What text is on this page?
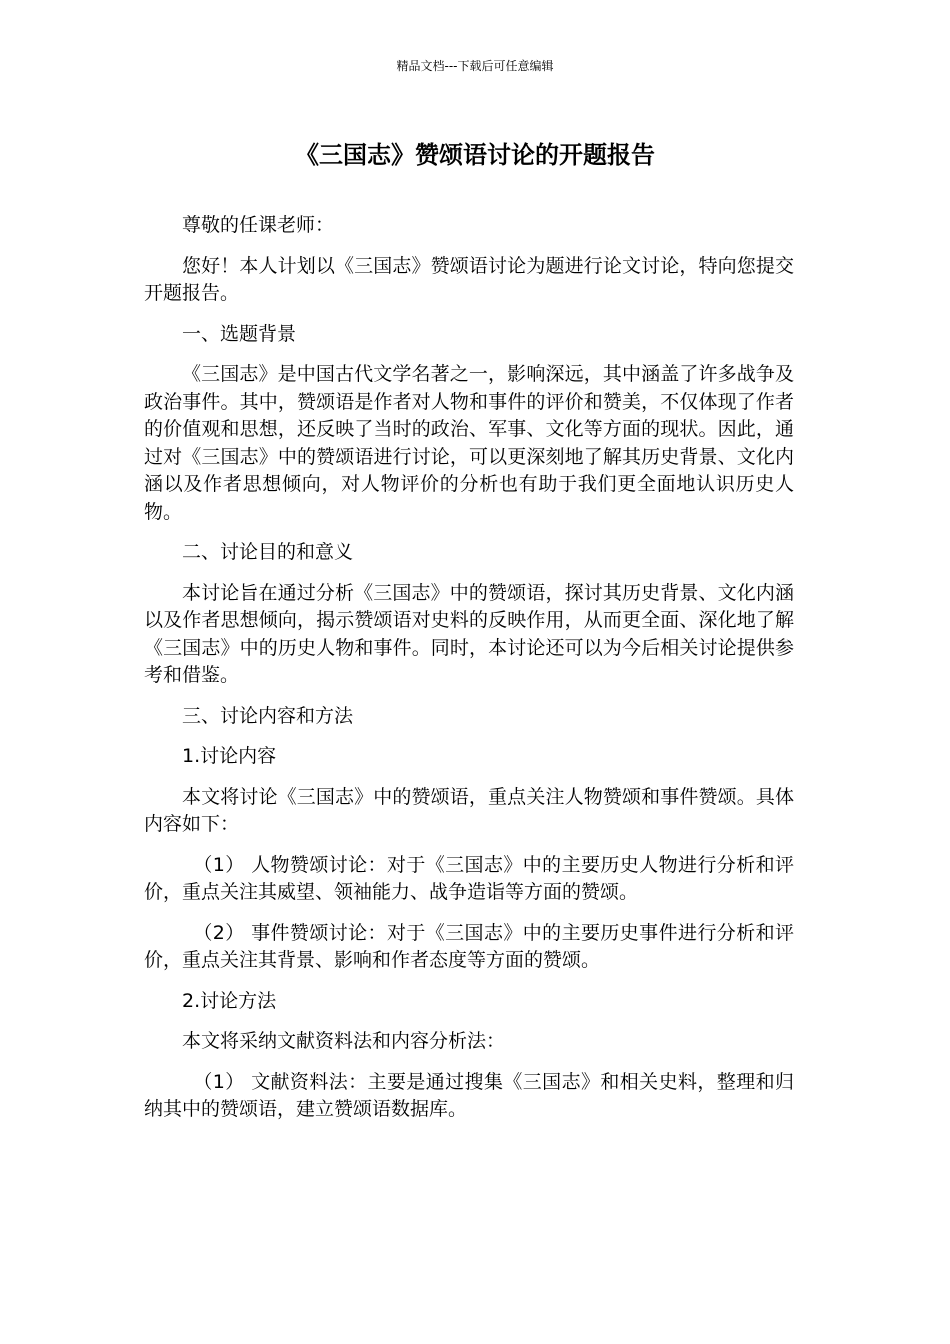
精品文档---下载后可任意编辑
《三国志》赞颂语讨论的开题报告

尊敬的任课老师：

您好！本人计划以《三国志》赞颂语讨论为题进行论文讨论，特向您提交开题报告。

一、选题背景

《三国志》是中国古代文学名著之一，影响深远，其中涵盖了许多战争及政治事件。其中，赞颂语是作者对人物和事件的评价和赞美，不仅体现了作者的价值观和思想，还反映了当时的政治、军事、文化等方面的现状。因此，通过对《三国志》中的赞颂语进行讨论，可以更深刻地了解其历史背景、文化内涵以及作者思想倾向，对人物评价的分析也有助于我们更全面地认识历史人物。

二、讨论目的和意义

本讨论旨在通过分析《三国志》中的赞颂语，探讨其历史背景、文化内涵以及作者思想倾向，揭示赞颂语对史料的反映作用，从而更全面、深化地了解《三国志》中的历史人物和事件。同时，本讨论还可以为今后相关讨论提供参考和借鉴。

三、讨论内容和方法

1.讨论内容

本文将讨论《三国志》中的赞颂语，重点关注人物赞颂和事件赞颂。具体内容如下：

（1） 人物赞颂讨论：对于《三国志》中的主要历史人物进行分析和评价，重点关注其威望、领袖能力、战争造诣等方面的赞颂。

（2） 事件赞颂讨论：对于《三国志》中的主要历史事件进行分析和评价，重点关注其背景、影响和作者态度等方面的赞颂。

2.讨论方法

本文将采纳文献资料法和内容分析法：

（1） 文献资料法：主要是通过搜集《三国志》和相关史料，整理和归纳其中的赞颂语，建立赞颂语数据库。
